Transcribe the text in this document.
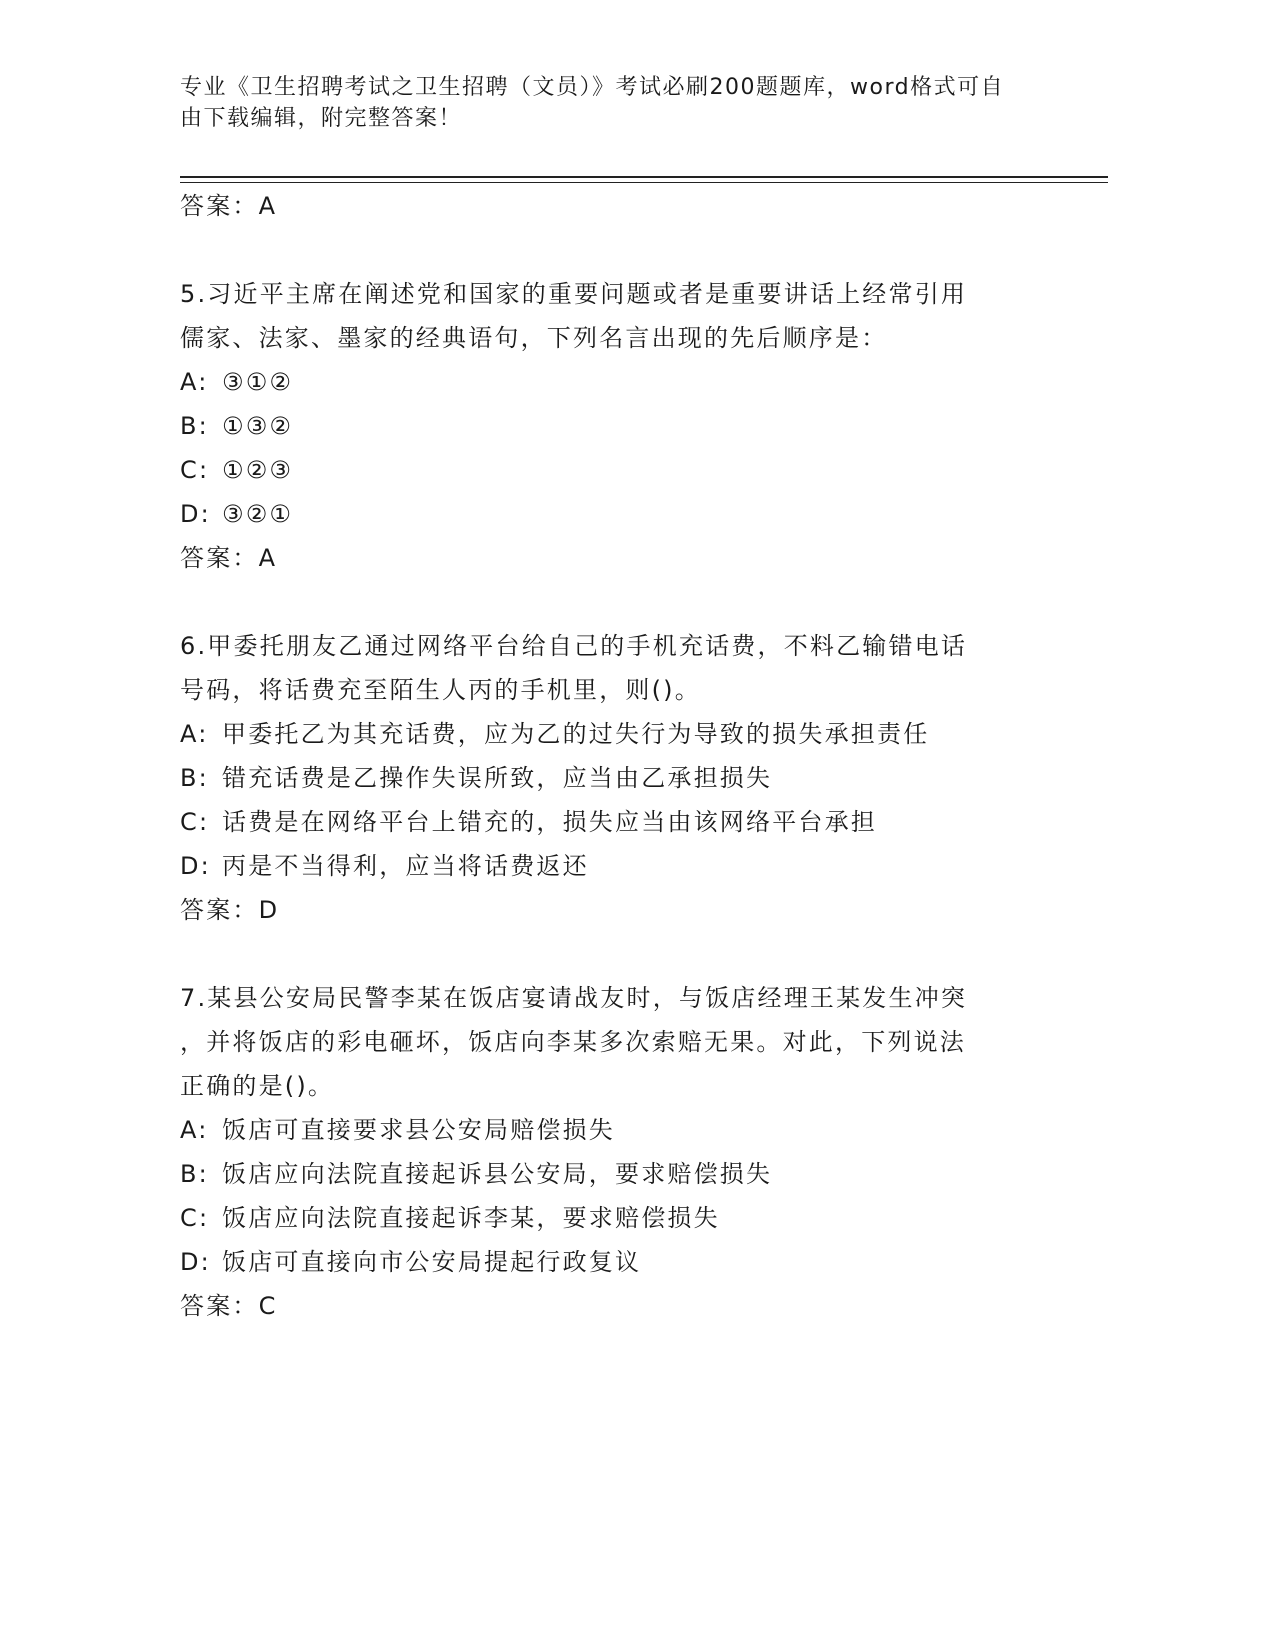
专业《卫生招聘考试之卫生招聘（文员）》考试必刷200题题库，word格式可自
由下载编辑，附完整答案！
答案：A
5.习近平主席在阐述党和国家的重要问题或者是重要讲话上经常引用
儒家、法家、墨家的经典语句，下列名言出现的先后顺序是：
A: ③①②
B: ①③②
C: ①②③
D: ③②①
答案：A
6.甲委托朋友乙通过网络平台给自己的手机充话费，不料乙输错电话
号码，将话费充至陌生人丙的手机里，则()。
A: 甲委托乙为其充话费，应为乙的过失行为导致的损失承担责任
B: 错充话费是乙操作失误所致，应当由乙承担损失
C: 话费是在网络平台上错充的，损失应当由该网络平台承担
D: 丙是不当得利，应当将话费返还
答案：D
7.某县公安局民警李某在饭店宴请战友时，与饭店经理王某发生冲突
，并将饭店的彩电砸坏，饭店向李某多次索赔无果。对此，下列说法
正确的是()。
A: 饭店可直接要求县公安局赔偿损失
B: 饭店应向法院直接起诉县公安局，要求赔偿损失
C: 饭店应向法院直接起诉李某，要求赔偿损失
D: 饭店可直接向市公安局提起行政复议
答案：C
